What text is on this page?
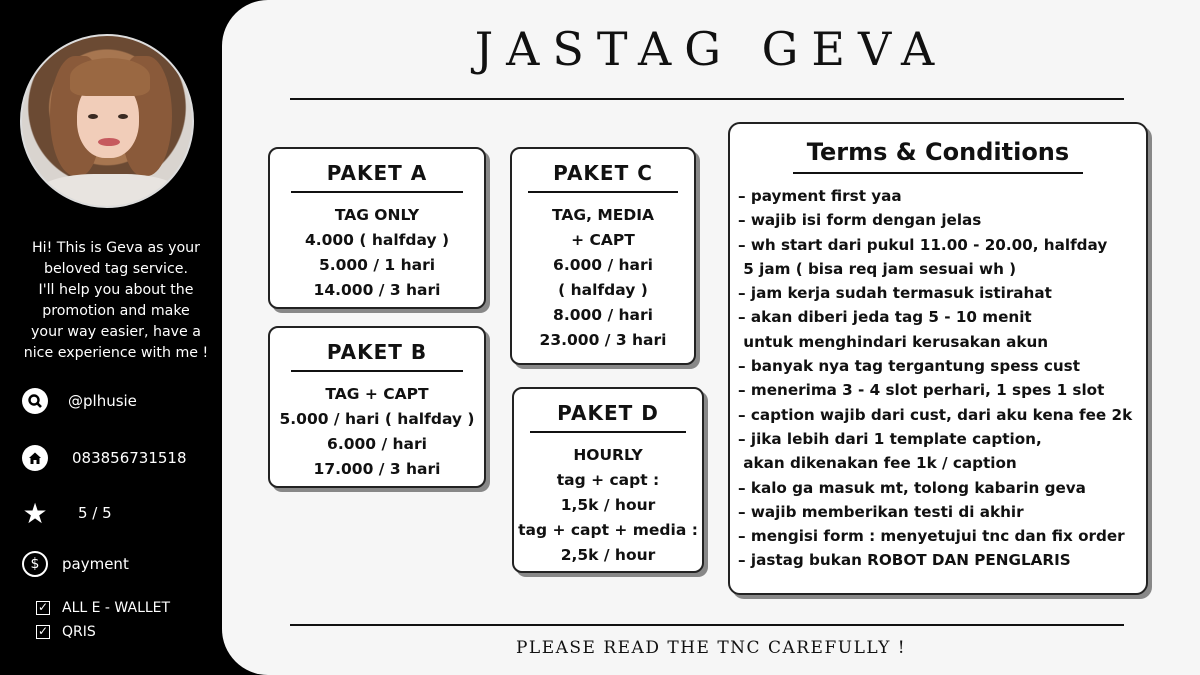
Hi! This is Geva as your
beloved tag service.
I'll help you about the
promotion and make
your way easier, have a
nice experience with me !
@plhusie
083856731518
★ 5 / 5
$	payment
✓ ALL E - WALLET
✓ QRIS
JASTAG GEVA
PAKET A
TAG ONLY
4.000 ( halfday )
5.000 / 1 hari
14.000 / 3 hari
PAKET B
TAG + CAPT
5.000 / hari ( halfday )
6.000 / hari
17.000 / 3 hari
PAKET C
TAG, MEDIA
+ CAPT
6.000 / hari
( halfday )
8.000 / hari
23.000 / 3 hari
PAKET D
HOURLY
tag + capt :
1,5k / hour
tag + capt + media :
2,5k / hour
Terms & Conditions
– payment first yaa
– wajib isi form dengan jelas
– wh start dari pukul 11.00 - 20.00, halfday
5 jam ( bisa req jam sesuai wh )
– jam kerja sudah termasuk istirahat
– akan diberi jeda tag 5 - 10 menit
untuk menghindari kerusakan akun
– banyak nya tag tergantung spess cust
– menerima 3 - 4 slot perhari, 1 spes 1 slot
– caption wajib dari cust, dari aku kena fee 2k
– jika lebih dari 1 template caption,
akan dikenakan fee 1k / caption
– kalo ga masuk mt, tolong kabarin geva
– wajib memberikan testi di akhir
– mengisi form : menyetujui tnc dan fix order
– jastag bukan ROBOT DAN PENGLARIS
PLEASE READ THE TNC CAREFULLY !
